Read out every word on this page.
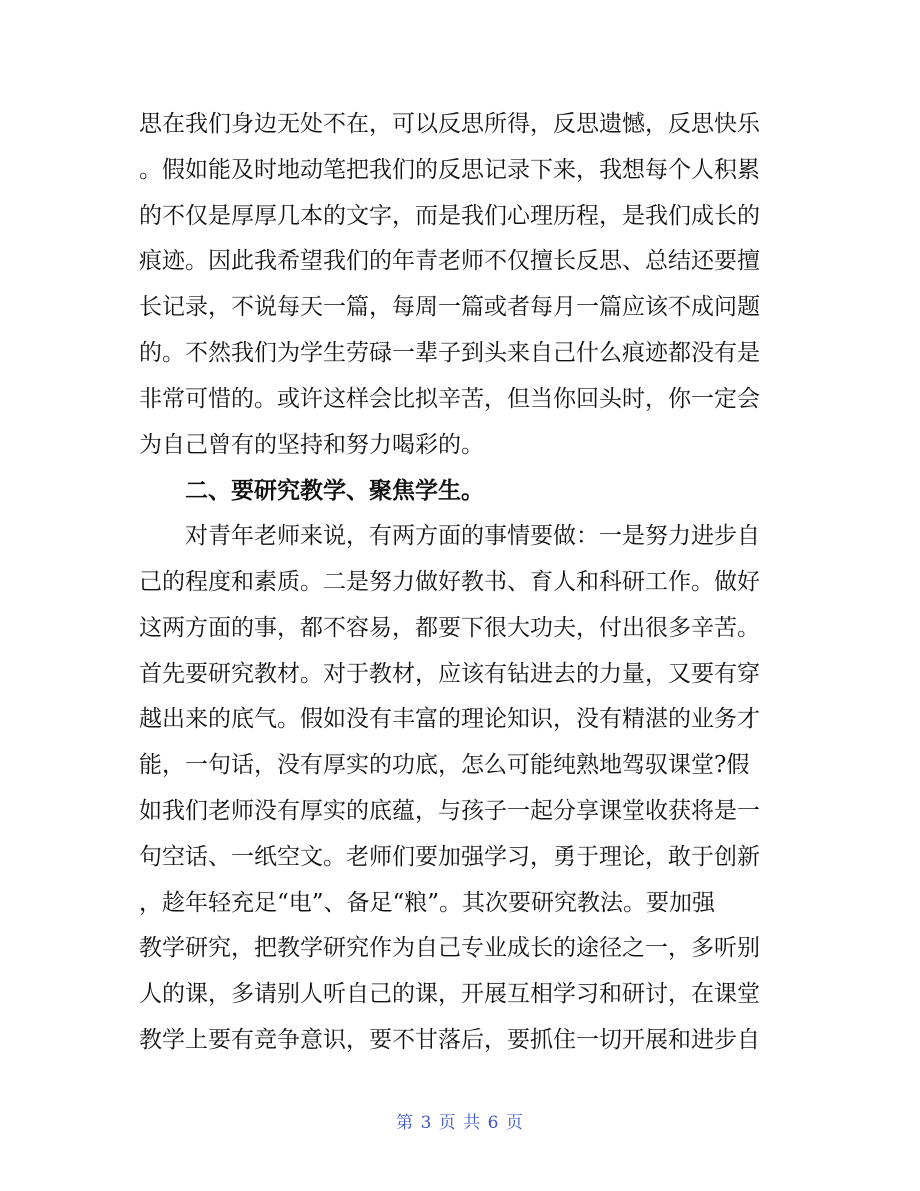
思在我们身边无处不在，可以反思所得，反思遗憾，反思快乐
。假如能及时地动笔把我们的反思记录下来，我想每个人积累
的不仅是厚厚几本的文字，而是我们心理历程，是我们成长的
痕迹。因此我希望我们的年青老师不仅擅长反思、总结还要擅
长记录，不说每天一篇，每周一篇或者每月一篇应该不成问题
的。不然我们为学生劳碌一辈子到头来自己什么痕迹都没有是
非常可惜的。或许这样会比拟辛苦，但当你回头时，你一定会
为自己曾有的坚持和努力喝彩的。
　　二、要研究教学、聚焦学生。
　　对青年老师来说，有两方面的事情要做：一是努力进步自
己的程度和素质。二是努力做好教书、育人和科研工作。做好
这两方面的事，都不容易，都要下很大功夫，付出很多辛苦。
首先要研究教材。对于教材，应该有钻进去的力量，又要有穿
越出来的底气。假如没有丰富的理论知识，没有精湛的业务才
能，一句话，没有厚实的功底，怎么可能纯熟地驾驭课堂?假
如我们老师没有厚实的底蕴，与孩子一起分享课堂收获将是一
句空话、一纸空文。老师们要加强学习，勇于理论，敢于创新
，趁年轻充足“电”、备足“粮”。其次要研究教法。要加强
教学研究，把教学研究作为自己专业成长的途径之一，多听别
人的课，多请别人听自己的课，开展互相学习和研讨，在课堂
教学上要有竞争意识，要不甘落后，要抓住一切开展和进步自
第 3 页 共 6 页
